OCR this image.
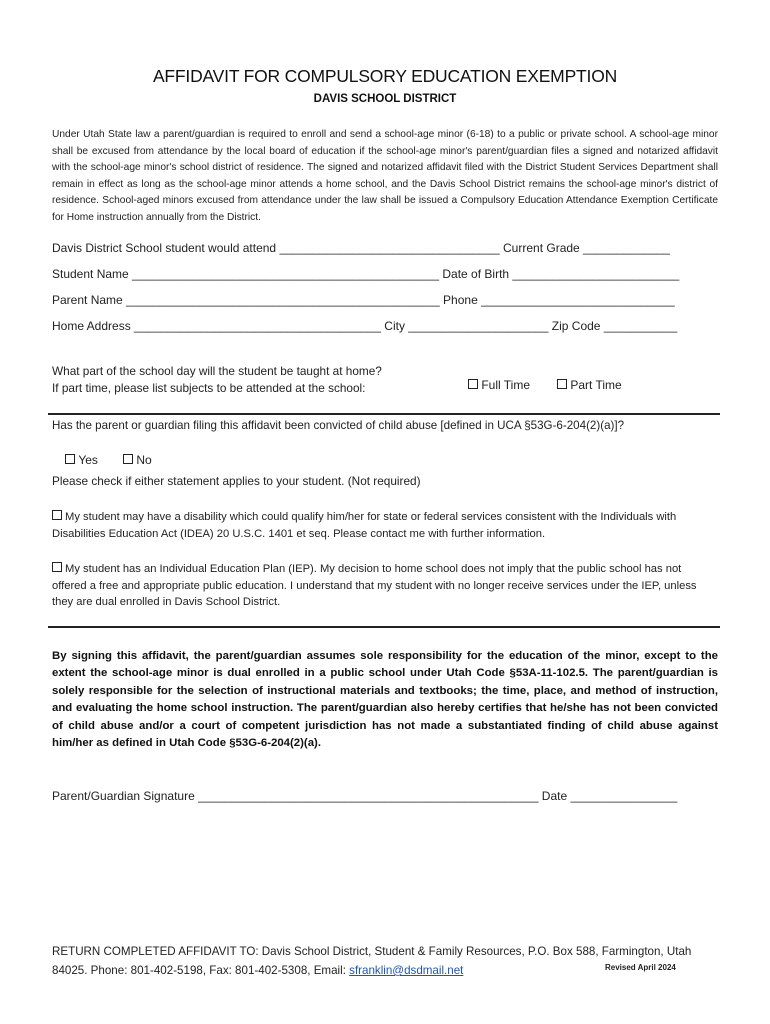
AFFIDAVIT FOR COMPULSORY EDUCATION EXEMPTION
DAVIS SCHOOL DISTRICT
Under Utah State law a parent/guardian is required to enroll and send a school-age minor (6-18) to a public or private school. A school-age minor shall be excused from attendance by the local board of education if the school-age minor's parent/guardian files a signed and notarized affidavit with the school-age minor's school district of residence. The signed and notarized affidavit filed with the District Student Services Department shall remain in effect as long as the school-age minor attends a home school, and the Davis School District remains the school-age minor's district of residence. School-aged minors excused from attendance under the law shall be issued a Compulsory Education Attendance Exemption Certificate for Home instruction annually from the District.
Davis District School student would attend _________________________________ Current Grade _____________
Student Name ______________________________________________ Date of Birth _________________________
Parent Name _______________________________________________ Phone _____________________________
Home Address _____________________________________ City _____________________ Zip Code ___________
What part of the school day will the student be taught at home?
If part time, please list subjects to be attended at the school:	Full Time
	Part Time

Has the parent or guardian filing this affidavit been convicted of child abuse [defined in UCA §53G-6-204(2)(a)]?

Yes
	No

Please check if either statement applies to your student. (Not required)
My student may have a disability which could qualify him/her for state or federal services consistent with the Individuals with Disabilities Education Act (IDEA) 20 U.S.C. 1401 et seq. Please contact me with further information.
My student has an Individual Education Plan (IEP). My decision to home school does not imply that the public school has not offered a free and appropriate public education. I understand that my student with no longer receive services under the IEP, unless they are dual enrolled in Davis School District.
By signing this affidavit, the parent/guardian assumes sole responsibility for the education of the minor, except to the extent the school-age minor is dual enrolled in a public school under Utah Code §53A-11-102.5. The parent/guardian is solely responsible for the selection of instructional materials and textbooks; the time, place, and method of instruction, and evaluating the home school instruction. The parent/guardian also hereby certifies that he/she has not been convicted of child abuse and/or a court of competent jurisdiction has not made a substantiated finding of child abuse against him/her as defined in Utah Code §53G-6-204(2)(a).
Parent/Guardian Signature ___________________________________________________ Date ________________
RETURN COMPLETED AFFIDAVIT TO: Davis School District, Student & Family Resources, P.O. Box 588, Farmington, Utah 84025. Phone: 801-402-5198, Fax: 801-402-5308, Email: sfranklin@dsdmail.net	Revised April 2024
